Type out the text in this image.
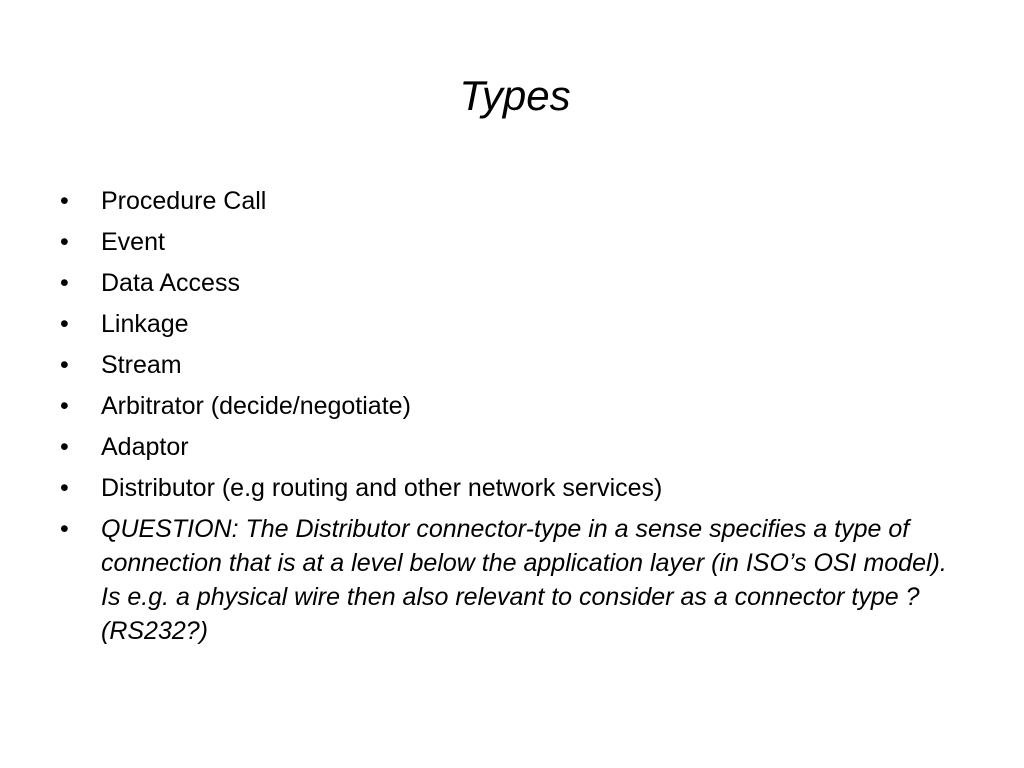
Types
•	Procedure Call
•	Event
•	Data Access
•	Linkage
•	Stream
•	Arbitrator (decide/negotiate)
•	Adaptor
•	Distributor (e.g routing and other network services)
•	QUESTION: The Distributor connector-type in a sense specifies a type of connection that is at a level below the application layer (in ISO’s OSI model). Is e.g. a physical wire then also relevant to consider as a connector type ? (RS232?)
